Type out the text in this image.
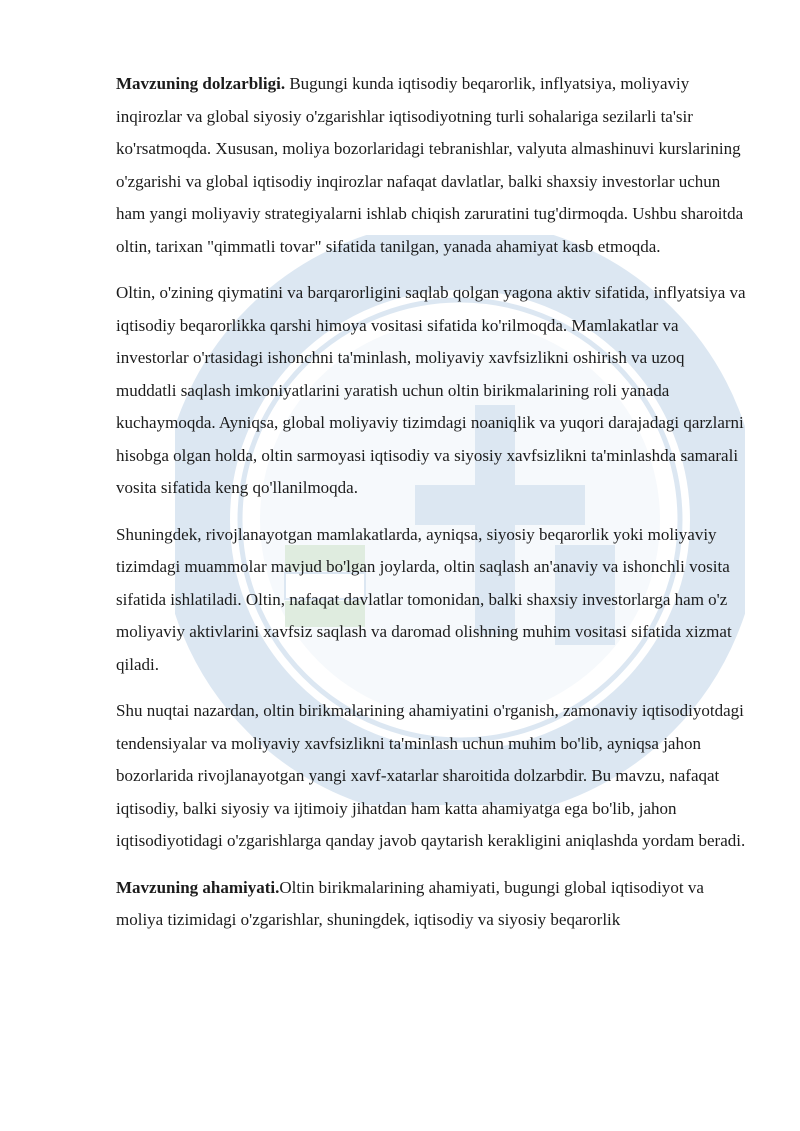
Mavzuning dolzarbligi. Bugungi kunda iqtisodiy beqarorlik, inflyatsiya, moliyaviy inqirozlar va global siyosiy o'zgarishlar iqtisodiyotning turli sohalariga sezilarli ta'sir ko'rsatmoqda. Xususan, moliya bozorlaridagi tebranishlar, valyuta almashinuvi kurslarining o'zgarishi va global iqtisodiy inqirozlar nafaqat davlatlar, balki shaxsiy investorlar uchun ham yangi moliyaviy strategiyalarni ishlab chiqish zaruratini tug'dirmoqda. Ushbu sharoitda oltin, tarixan "qimmatli tovar" sifatida tanilgan, yanada ahamiyat kasb etmoqda.

Oltin, o'zining qiymatini va barqarorligini saqlab qolgan yagona aktiv sifatida, inflyatsiya va iqtisodiy beqarorlikka qarshi himoya vositasi sifatida ko'rilmoqda. Mamlakatlar va investorlar o'rtasidagi ishonchni ta'minlash, moliyaviy xavfsizlikni oshirish va uzoq muddatli saqlash imkoniyatlarini yaratish uchun oltin birikmalarining roli yanada kuchaymoqda. Ayniqsa, global moliyaviy tizimdagi noaniqlik va yuqori darajadagi qarzlarni hisobga olgan holda, oltin sarmoyasi iqtisodiy va siyosiy xavfsizlikni ta'minlashda samarali vosita sifatida keng qo'llanilmoqda.

Shuningdek, rivojlanayotgan mamlakatlarda, ayniqsa, siyosiy beqarorlik yoki moliyaviy tizimdagi muammolar mavjud bo'lgan joylarda, oltin saqlash an'anaviy va ishonchli vosita sifatida ishlatiladi. Oltin, nafaqat davlatlar tomonidan, balki shaxsiy investorlarga ham o'z moliyaviy aktivlarini xavfsiz saqlash va daromad olishning muhim vositasi sifatida xizmat qiladi.

Shu nuqtai nazardan, oltin birikmalarining ahamiyatini o'rganish, zamonaviy iqtisodiyotdagi tendensiyalar va moliyaviy xavfsizlikni ta'minlash uchun muhim bo'lib, ayniqsa jahon bozorlarida rivojlanayotgan yangi xavf-xatarlar sharoitida dolzarbdir. Bu mavzu, nafaqat iqtisodiy, balki siyosiy va ijtimoiy jihatdan ham katta ahamiyatga ega bo'lib, jahon iqtisodiyotidagi o'zgarishlarga qanday javob qaytarish kerakligini aniqlashda yordam beradi.

Mavzuning ahamiyati.Oltin birikmalarining ahamiyati, bugungi global iqtisodiyot va moliya tizimidagi o'zgarishlar, shuningdek, iqtisodiy va siyosiy beqarorlik
